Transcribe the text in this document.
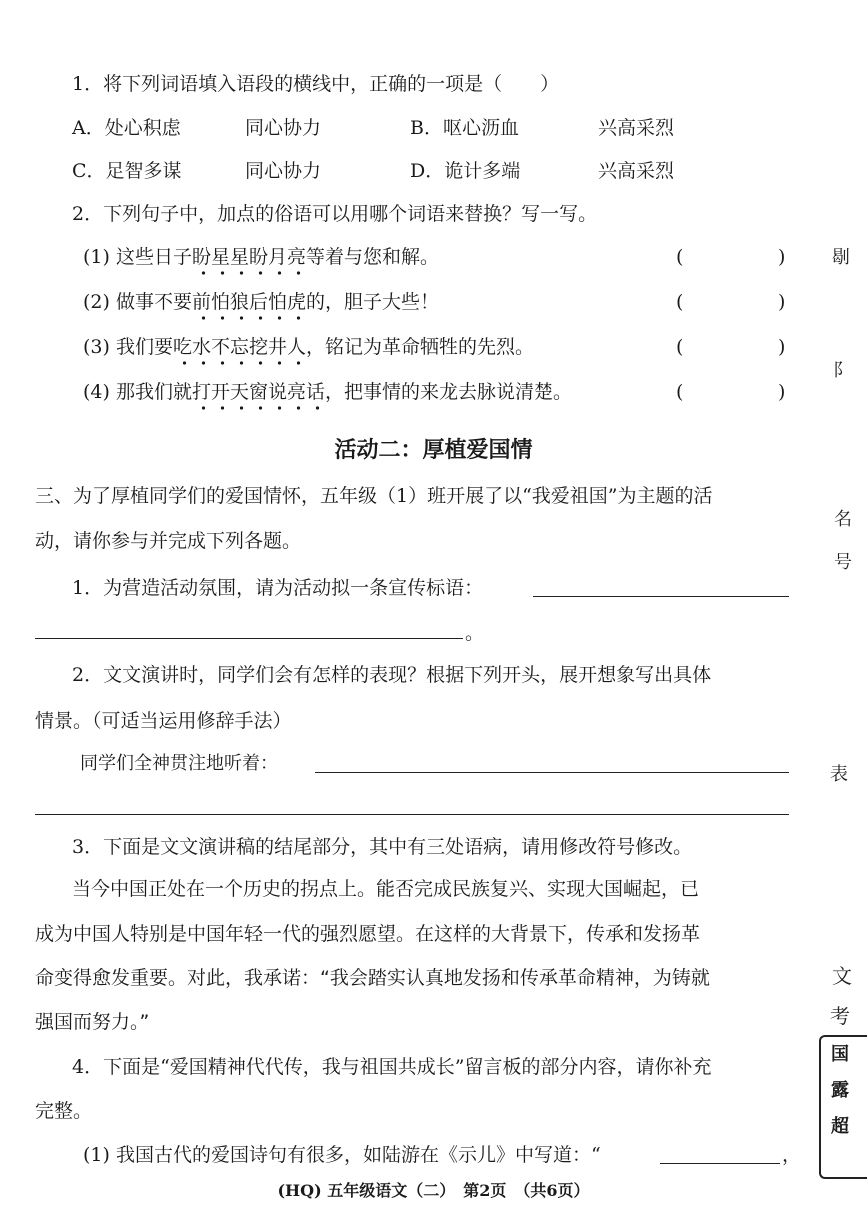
1．将下列词语填入语段的横线中，正确的一项是（　　）
A．处心积虑	同心协力	B．呕心沥血	兴高采烈
C．足智多谋	同心协力	D．诡计多端	兴高采烈
2．下列句子中，加点的俗语可以用哪个词语来替换？写一写。
(1) 这些日子盼星星盼月亮等着与您和解。	(	)
(2) 做事不要前怕狼后怕虎的，胆子大些！	(	)
(3) 我们要吃水不忘挖井人，铭记为革命牺牲的先烈。	(	)
(4) 那我们就打开天窗说亮话，把事情的来龙去脉说清楚。	(	)
活动二：厚植爱国情
三、为了厚植同学们的爱国情怀，五年级（1）班开展了以“我爱祖国”为主题的活
动，请你参与并完成下列各题。
1．为营造活动氛围，请为活动拟一条宣传标语：
。
2．文文演讲时，同学们会有怎样的表现？根据下列开头，展开想象写出具体
情景。（可适当运用修辞手法）
同学们全神贯注地听着：
3．下面是文文演讲稿的结尾部分，其中有三处语病，请用修改符号修改。
当今中国正处在一个历史的拐点上。能否完成民族复兴、实现大国崛起，已
成为中国人特别是中国年轻一代的强烈愿望。在这样的大背景下，传承和发扬革
命变得愈发重要。对此，我承诺：“我会踏实认真地发扬和传承革命精神，为铸就
强国而努力。”
4．下面是“爱国精神代代传，我与祖国共成长”留言板的部分内容，请你补充
完整。
(1) 我国古代的爱国诗句有很多，如陆游在《示儿》中写道：“	，
(HQ) 五年级语文（二）　第2页　（共6页）
㓭
阝
名
号
表
文
考
国
露
超
